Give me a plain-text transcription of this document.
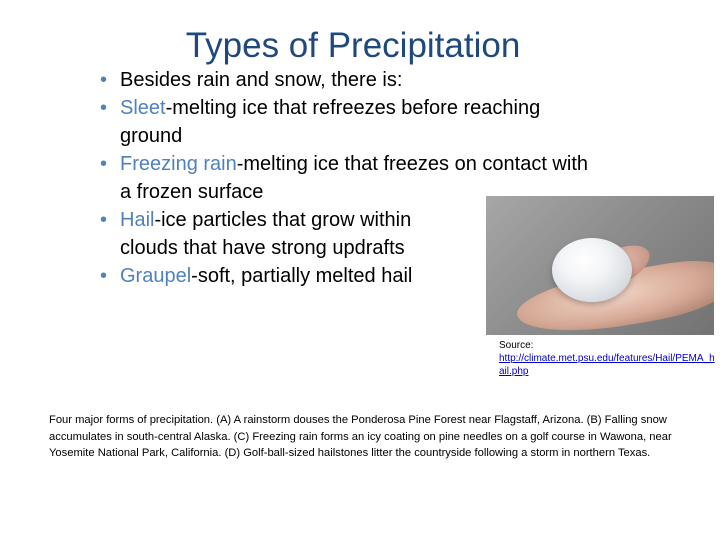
Types of Precipitation
• Besides rain and snow, there is:
• Sleet-melting ice that refreezes before reaching ground
• Freezing rain-melting ice that freezes on contact with a frozen surface
• Hail-ice particles that grow within clouds that have strong updrafts
• Graupel-soft, partially melted hail
Source:
http://climate.met.psu.edu/features/Hail/PEMA_hail.php
Four major forms of precipitation. (A) A rainstorm douses the Ponderosa Pine Forest near Flagstaff, Arizona. (B) Falling snow accumulates in south-central Alaska. (C) Freezing rain forms an icy coating on pine needles on a golf course in Wawona, near Yosemite National Park, California. (D) Golf-ball-sized hailstones litter the countryside following a storm in northern Texas.
